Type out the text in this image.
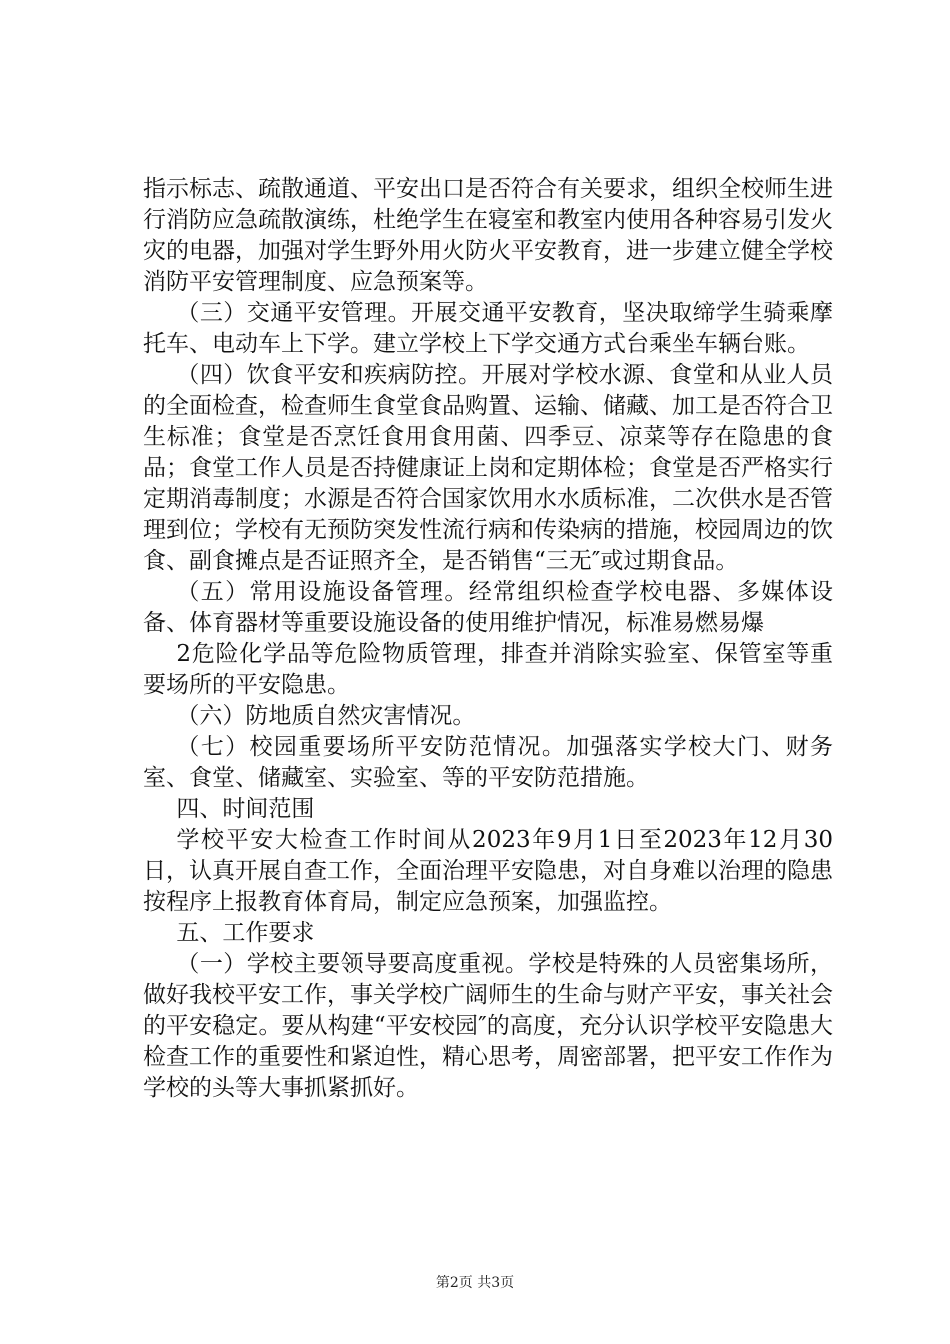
指示标志、疏散通道、平安出口是否符合有关要求，组织全校师生进行消防应急疏散演练，杜绝学生在寝室和教室内使用各种容易引发火灾的电器，加强对学生野外用火防火平安教育，进一步建立健全学校消防平安管理制度、应急预案等。

（三）交通平安管理。开展交通平安教育，坚决取缔学生骑乘摩托车、电动车上下学。建立学校上下学交通方式台乘坐车辆台账。

（四）饮食平安和疾病防控。开展对学校水源、食堂和从业人员的全面检查，检查师生食堂食品购置、运输、储藏、加工是否符合卫生标准；食堂是否烹饪食用食用菌、四季豆、凉菜等存在隐患的食品；食堂工作人员是否持健康证上岗和定期体检；食堂是否严格实行定期消毒制度；水源是否符合国家饮用水水质标准，二次供水是否管理到位；学校有无预防突发性流行病和传染病的措施，校园周边的饮食、副食摊点是否证照齐全，是否销售“三无″或过期食品。

（五）常用设施设备管理。经常组织检查学校电器、多媒体设备、体育器材等重要设施设备的使用维护情况，标准易燃易爆

2危险化学品等危险物质管理，排查并消除实验室、保管室等重要场所的平安隐患。

（六）防地质自然灾害情况。

（七）校园重要场所平安防范情况。加强落实学校大门、财务室、食堂、储藏室、实验室、等的平安防范措施。

四、时间范围

学校平安大检查工作时间从2023年9月1日至2023年12月30日，认真开展自查工作，全面治理平安隐患，对自身难以治理的隐患按程序上报教育体育局，制定应急预案，加强监控。

五、工作要求

（一）学校主要领导要高度重视。学校是特殊的人员密集场所，做好我校平安工作，事关学校广阔师生的生命与财产平安，事关社会的平安稳定。要从构建“平安校园″的高度，充分认识学校平安隐患大检查工作的重要性和紧迫性，精心思考，周密部署，把平安工作作为学校的头等大事抓紧抓好。

第2页 共3页
